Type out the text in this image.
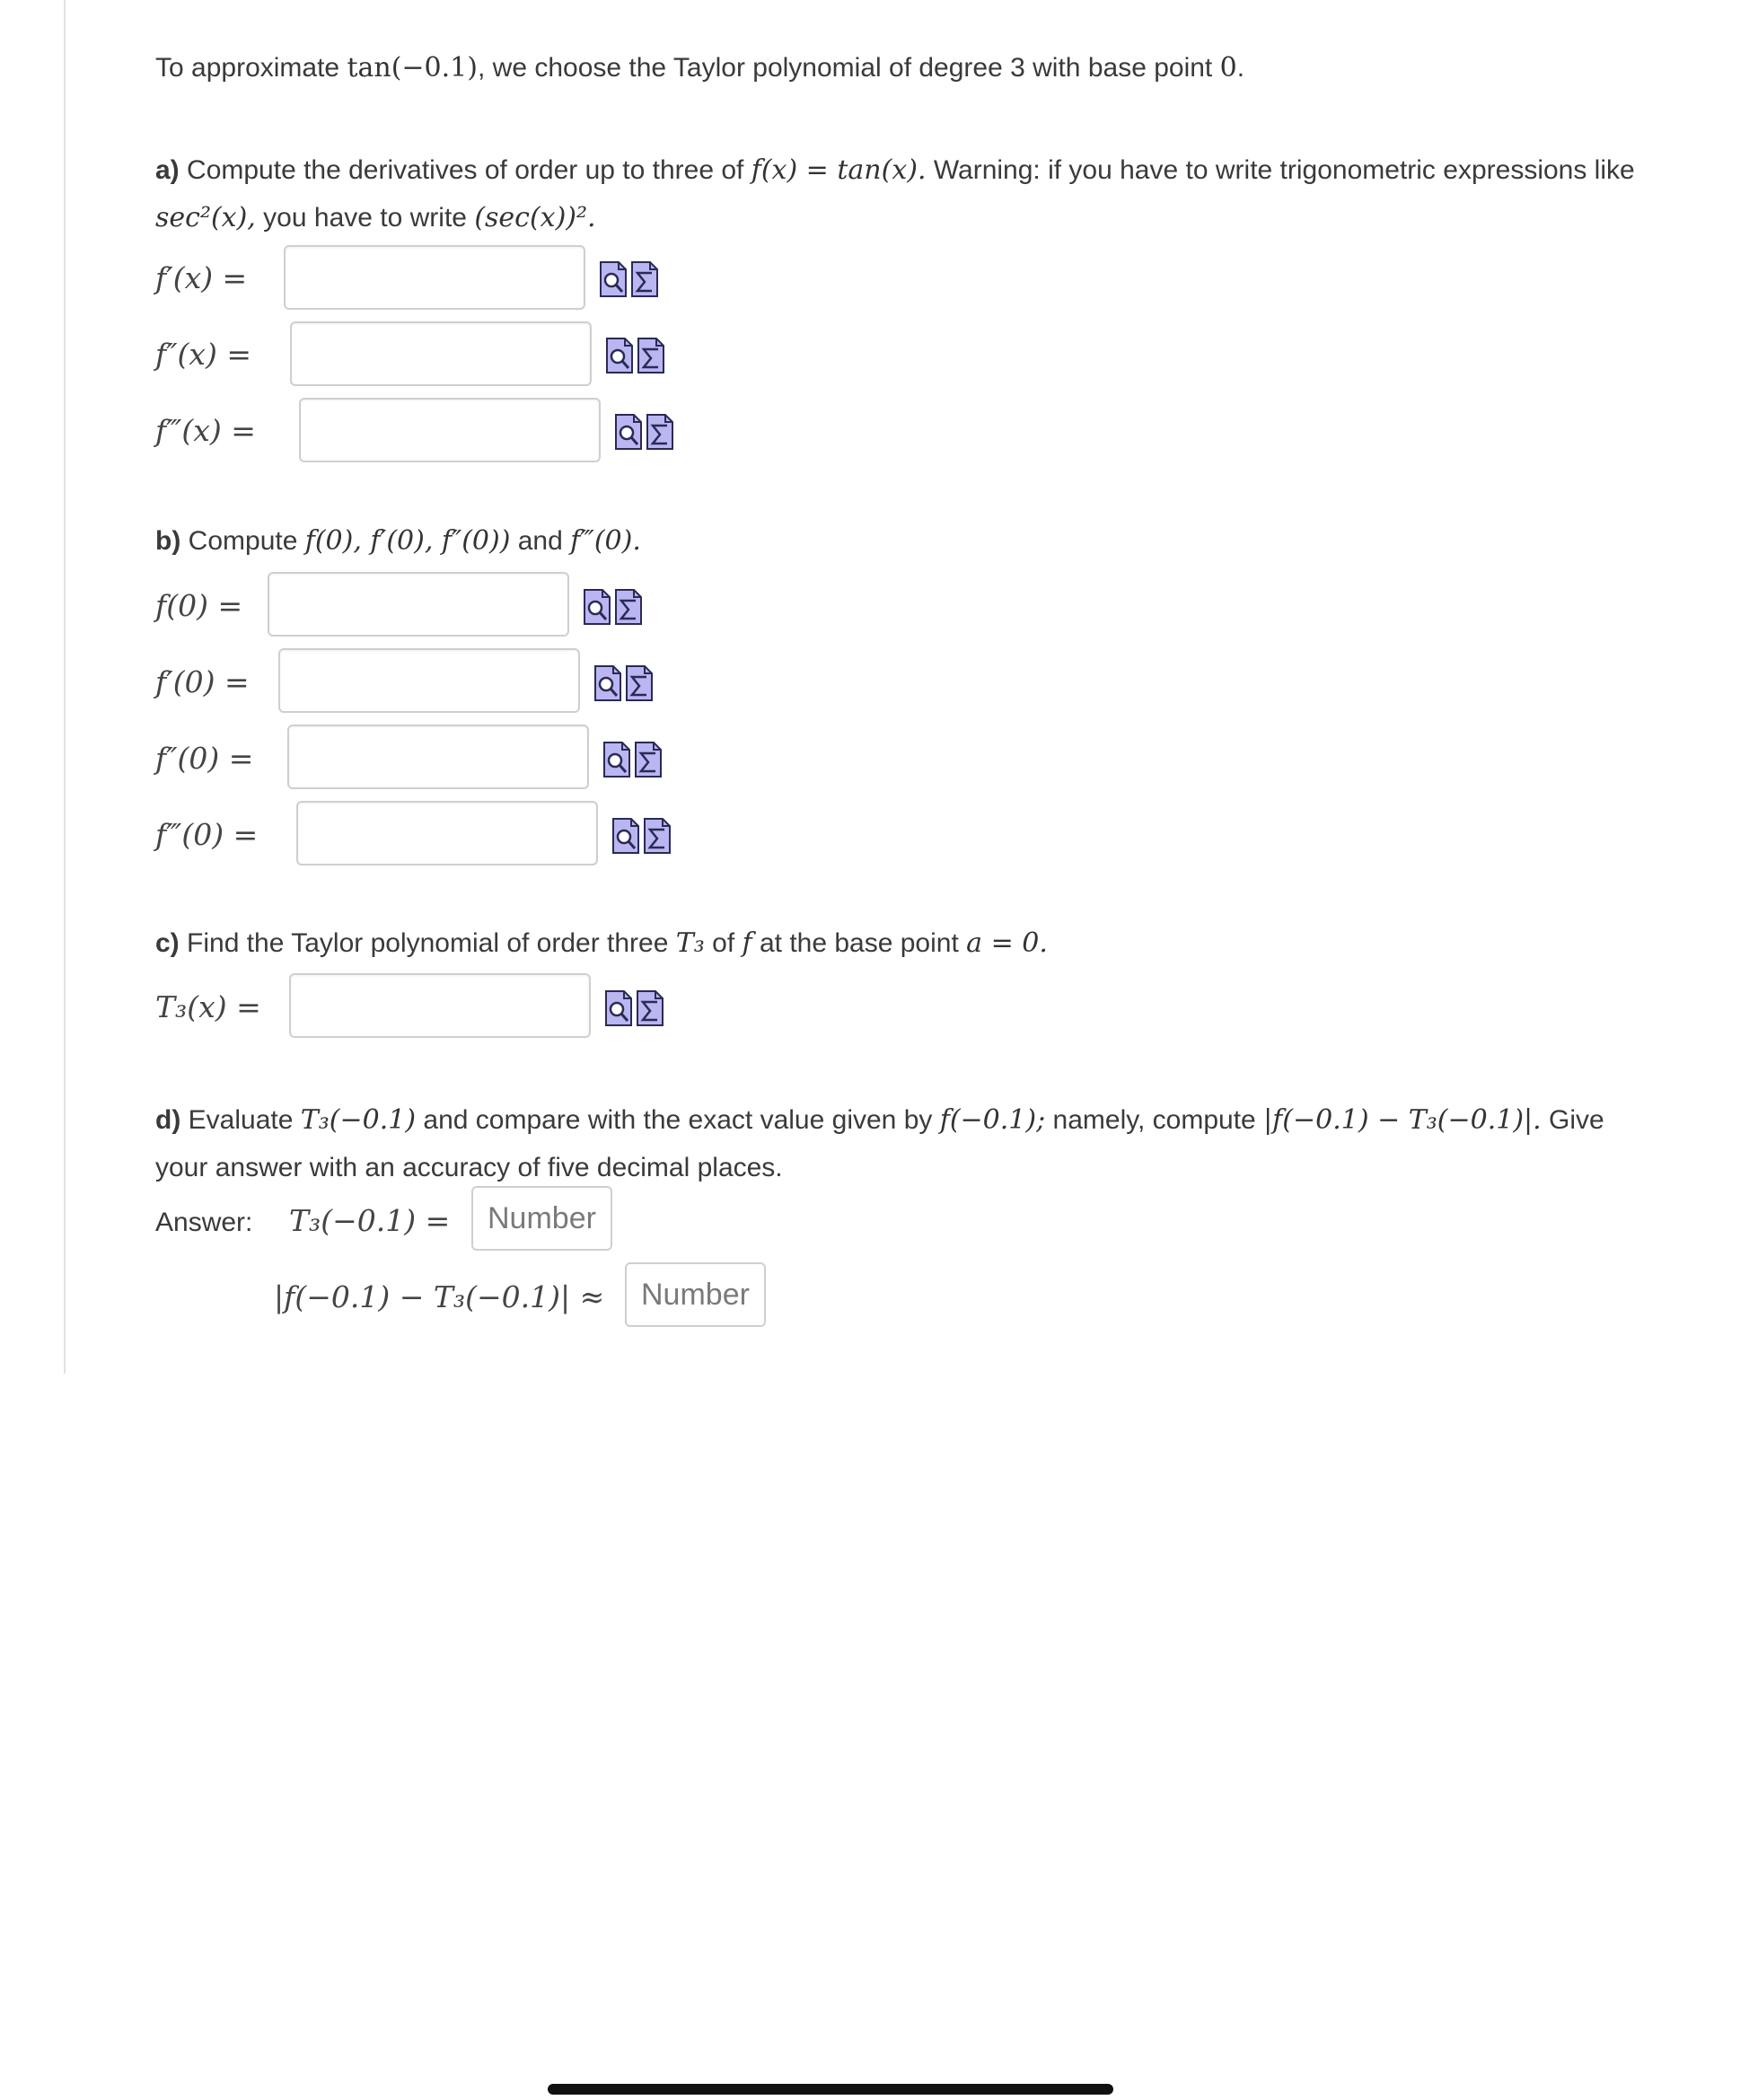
To approximate tan(−0.1), we choose the Taylor polynomial of degree 3 with base point 0.
a) Compute the derivatives of order up to three of f(x) = tan(x). Warning: if you have to write trigonometric expressions like
sec²(x), you have to write (sec(x))².
f′(x) =
f″(x) =
f‴(x) =
b) Compute f(0), f′(0), f″(0)) and f‴(0).
f(0) =
f′(0) =
f″(0) =
f‴(0) =
c) Find the Taylor polynomial of order three T₃ of f at the base point a = 0.
T₃(x) =
d) Evaluate T₃(−0.1) and compare with the exact value given by f(−0.1); namely, compute |f(−0.1) − T₃(−0.1)|. Give
your answer with an accuracy of five decimal places.
Answer: T₃(−0.1) =	Number
|f(−0.1) − T₃(−0.1)| ≈	Number
